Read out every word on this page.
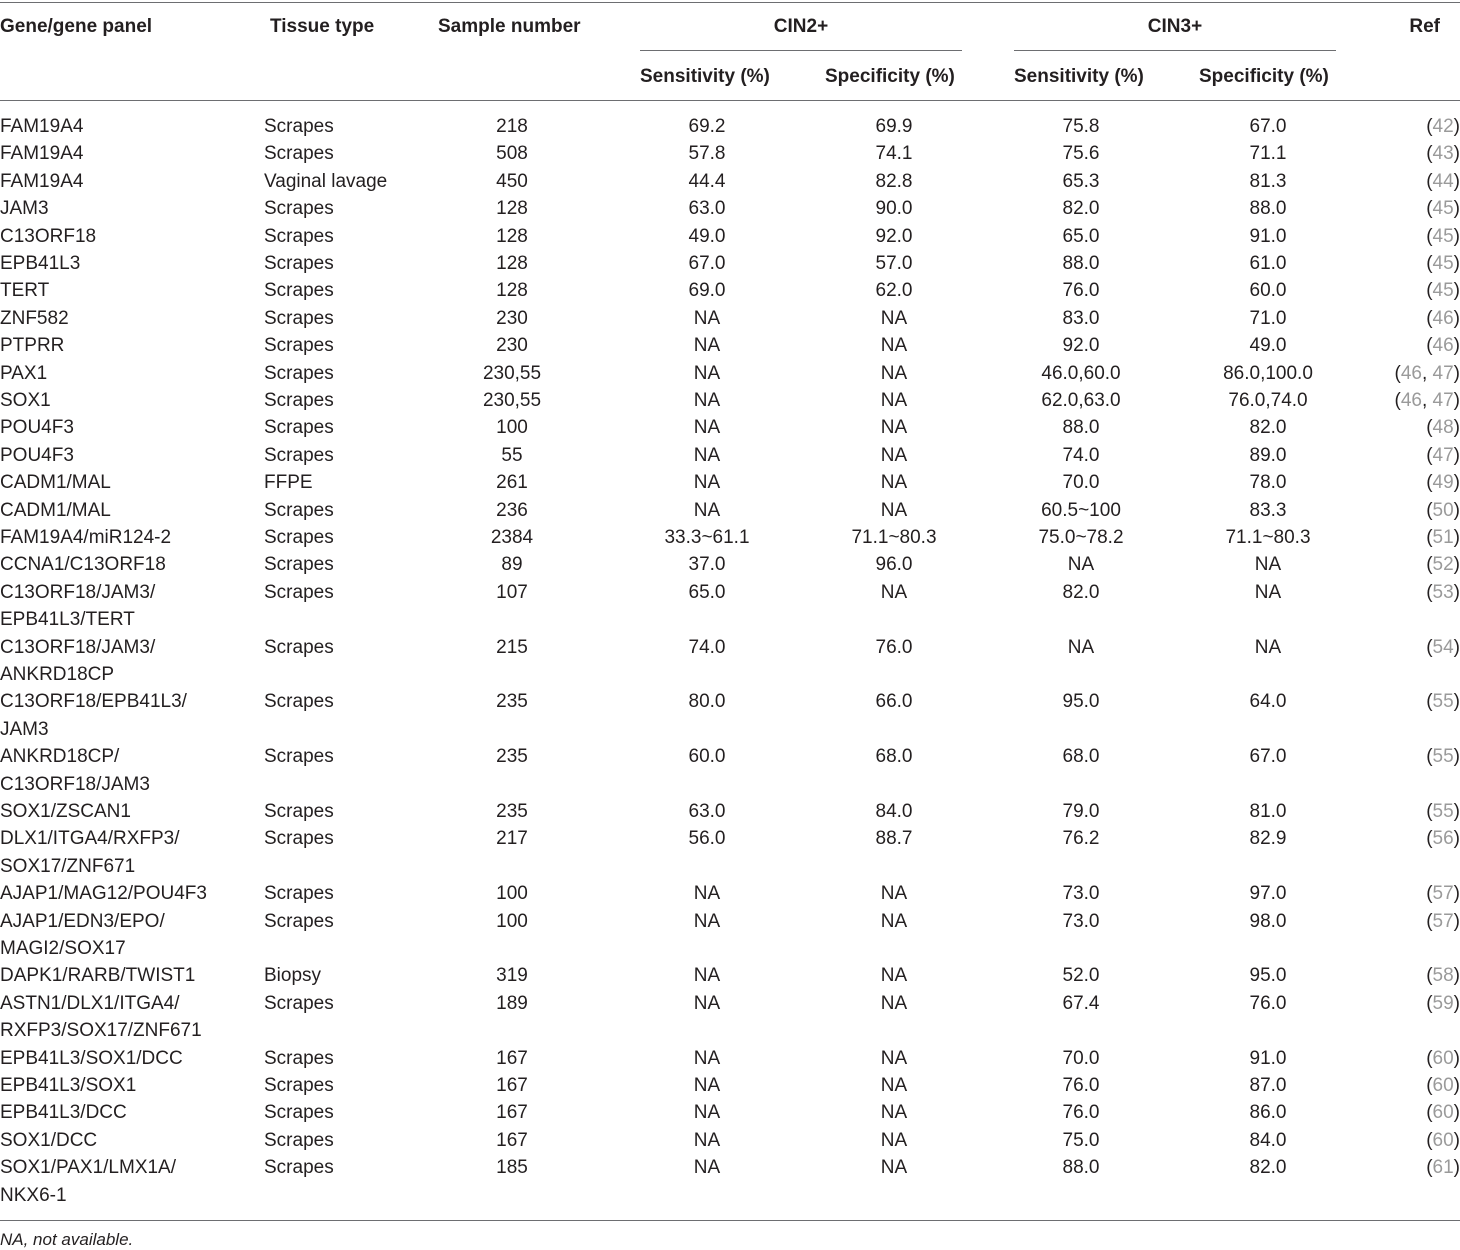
Gene/gene panel	Tissue type	Sample number	CIN2+	CIN3+	Ref
Sensitivity (%)	Specificity (%)	Sensitivity (%)	Specificity (%)
FAM19A4	Scrapes	218	69.2	69.9	75.8	67.0	(42)
FAM19A4	Scrapes	508	57.8	74.1	75.6	71.1	(43)
FAM19A4	Vaginal lavage	450	44.4	82.8	65.3	81.3	(44)
JAM3	Scrapes	128	63.0	90.0	82.0	88.0	(45)
C13ORF18	Scrapes	128	49.0	92.0	65.0	91.0	(45)
EPB41L3	Scrapes	128	67.0	57.0	88.0	61.0	(45)
TERT	Scrapes	128	69.0	62.0	76.0	60.0	(45)
ZNF582	Scrapes	230	NA	NA	83.0	71.0	(46)
PTPRR	Scrapes	230	NA	NA	92.0	49.0	(46)
PAX1	Scrapes	230,55	NA	NA	46.0,60.0	86.0,100.0	(46, 47)
SOX1	Scrapes	230,55	NA	NA	62.0,63.0	76.0,74.0	(46, 47)
POU4F3	Scrapes	100	NA	NA	88.0	82.0	(48)
POU4F3	Scrapes	55	NA	NA	74.0	89.0	(47)
CADM1/MAL	FFPE	261	NA	NA	70.0	78.0	(49)
CADM1/MAL	Scrapes	236	NA	NA	60.5~100	83.3	(50)
FAM19A4/miR124-2	Scrapes	2384	33.3~61.1	71.1~80.3	75.0~78.2	71.1~80.3	(51)
CCNA1/C13ORF18	Scrapes	89	37.0	96.0	NA	NA	(52)
C13ORF18/JAM3/
EPB41L3/TERT
Scrapes	107	65.0	NA	82.0	NA	(53)
C13ORF18/JAM3/
ANKRD18CP
Scrapes	215	74.0	76.0	NA	NA	(54)
C13ORF18/EPB41L3/
JAM3
Scrapes	235	80.0	66.0	95.0	64.0	(55)
ANKRD18CP/
C13ORF18/JAM3
Scrapes	235	60.0	68.0	68.0	67.0	(55)
SOX1/ZSCAN1	Scrapes	235	63.0	84.0	79.0	81.0	(55)
DLX1/ITGA4/RXFP3/
SOX17/ZNF671
Scrapes	217	56.0	88.7	76.2	82.9	(56)
AJAP1/MAG12/POU4F3	Scrapes	100	NA	NA	73.0	97.0	(57)
AJAP1/EDN3/EPO/
MAGI2/SOX17
Scrapes	100	NA	NA	73.0	98.0	(57)
DAPK1/RARB/TWIST1	Biopsy	319	NA	NA	52.0	95.0	(58)
ASTN1/DLX1/ITGA4/
RXFP3/SOX17/ZNF671
Scrapes	189	NA	NA	67.4	76.0	(59)
EPB41L3/SOX1/DCC	Scrapes	167	NA	NA	70.0	91.0	(60)
EPB41L3/SOX1	Scrapes	167	NA	NA	76.0	87.0	(60)
EPB41L3/DCC	Scrapes	167	NA	NA	76.0	86.0	(60)
SOX1/DCC	Scrapes	167	NA	NA	75.0	84.0	(60)
SOX1/PAX1/LMX1A/
NKX6-1
Scrapes	185	NA	NA	88.0	82.0	(61)
NA, not available.
